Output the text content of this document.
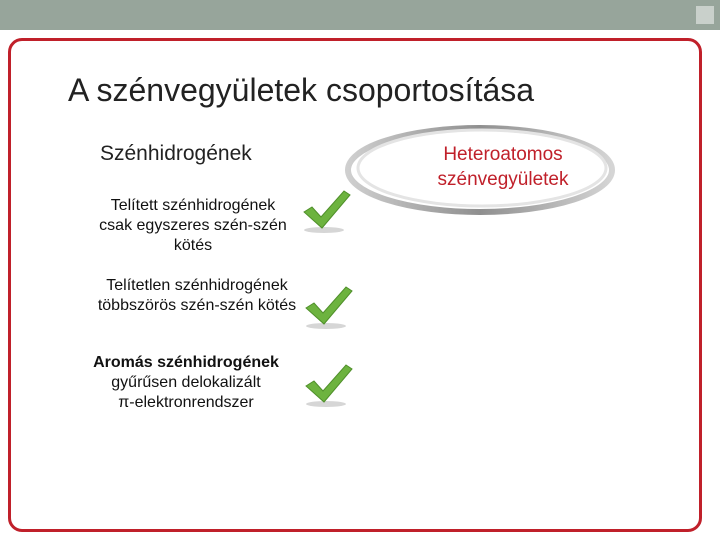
A szénvegyületek csoportosítása
Szénhidrogének	Heteroatomos
szénvegyületek
Telített szénhidrogének
csak egyszeres szén-szén
kötés
Telítetlen szénhidrogének
többszörös szén-szén kötés
Aromás szénhidrogének
gyűrűsen delokalizált
π-elektronrendszer
